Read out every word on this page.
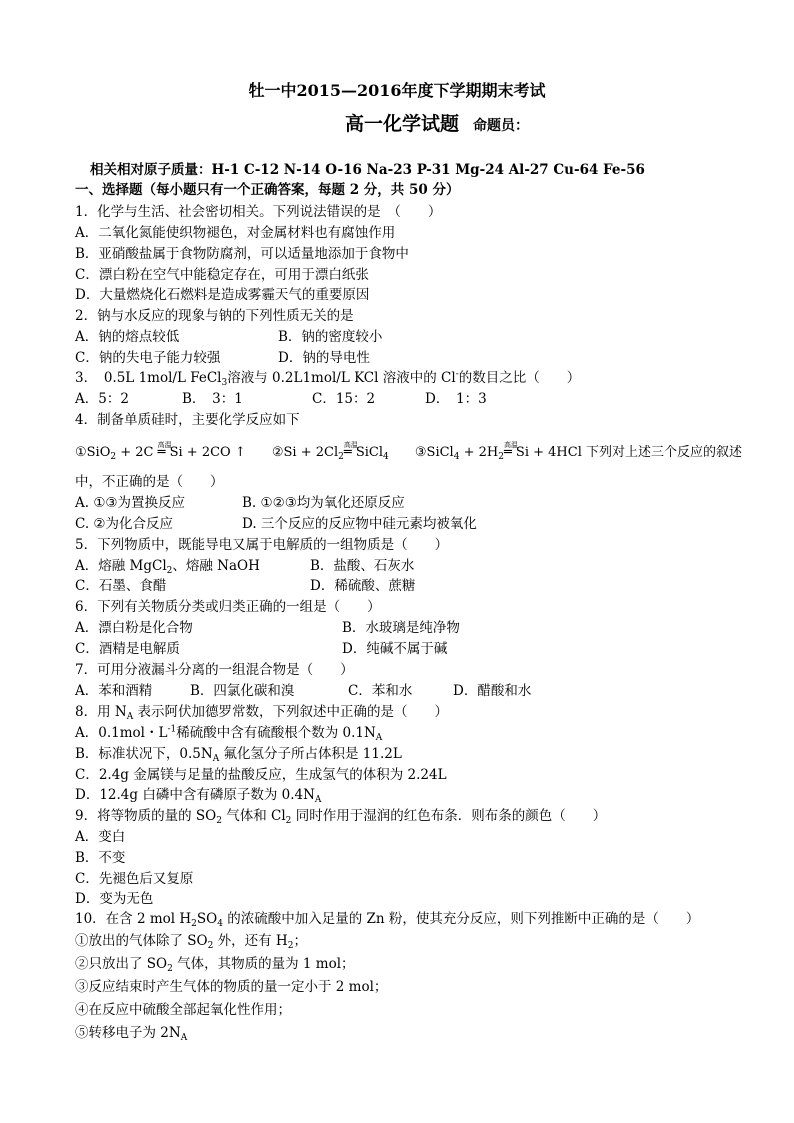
牡一中2015—2016年度下学期期末考试
高一化学试题 命题员：
相关相对原子质量：H-1 C-12 N-14 O-16 Na-23 P-31 Mg-24 Al-27 Cu-64 Fe-56
一、选择题（每小题只有一个正确答案，每题 2 分，共 50 分）
1．化学与生活、社会密切相关。下列说法错误的是　（　　）
A．二氧化氮能使织物褪色，对金属材料也有腐蚀作用
B．亚硝酸盐属于食物防腐剂，可以适量地添加于食物中
C．漂白粉在空气中能稳定存在，可用于漂白纸张
D．大量燃烧化石燃料是造成雾霾天气的重要原因
2．钠与水反应的现象与钠的下列性质无关的是
A．钠的熔点较低	B．钠的密度较小
C．钠的失电子能力较强	D．钠的导电性
3．　0.5L 1mol/L FeCl$_3$溶液与 0.2L1mol/L KCl 溶液中的 Cl-的数目之比（　　）
A．5：2	B．　3：1	C．15：2	D．　1：3
4．制备单质硅时，主要化学反应如下
①SiO$_2$ + 2C 高温
═ Si + 2CO ↑ ②Si + $2Cl_2$
高温
═ SiCl$_4$ ③SiCl$_4$ + $2H_2$
高温
═ Si + 4HCl 下列对上述三个反应的叙述
中，不正确的是（　　）
A. ①③为置换反应	B. ①②③均为氧化还原反应
C. ②为化合反应	D. 三个反应的反应物中硅元素均被氧化
5．下列物质中，既能导电又属于电解质的一组物质是（　　）
A．熔融 MgCl$_2$、熔融 NaOH	B．盐酸、石灰水
C．石墨、食醋	D．稀硫酸、蔗糖
6．下列有关物质分类或归类正确的一组是（　　）
A．漂白粉是化合物	B．水玻璃是纯净物
C．酒精是电解质	D．纯碱不属于碱
7．可用分液漏斗分离的一组混合物是（　　）
A．苯和酒精	B．四氯化碳和溴	C．苯和水	D．醋酸和水
8．用 $N_A$ 表示阿伏加德罗常数，下列叙述中正确的是（　　）
A．0.1mol・$L^{-1}$稀硫酸中含有硫酸根个数为 $0.1N_A$
B．标准状况下，$0.5N_A$ 氟化氢分子所占体积是 11.2L
C．2.4g 金属镁与足量的盐酸反应，生成氢气的体积为 2.24L
D．12.4g 白磷中含有磷原子数为 $0.4N_A$
9．将等物质的量的 $SO_2$ 气体和 $Cl_2$ 同时作用于湿润的红色布条．则布条的颜色（　　）
A．变白
B．不变
C．先褪色后又复原
D．变为无色
10．在含 2 mol $H_2SO_4$ 的浓硫酸中加入足量的 Zn 粉，使其充分反应，则下列推断中正确的是（　　）
①放出的气体除了 $SO_2$ 外，还有 $H_2$；
②只放出了 $SO_2$ 气体，其物质的量为 1 mol；
③反应结束时产生气体的物质的量一定小于 2 mol；
④在反应中硫酸全部起氧化性作用；
⑤转移电子为 $2N_A$
